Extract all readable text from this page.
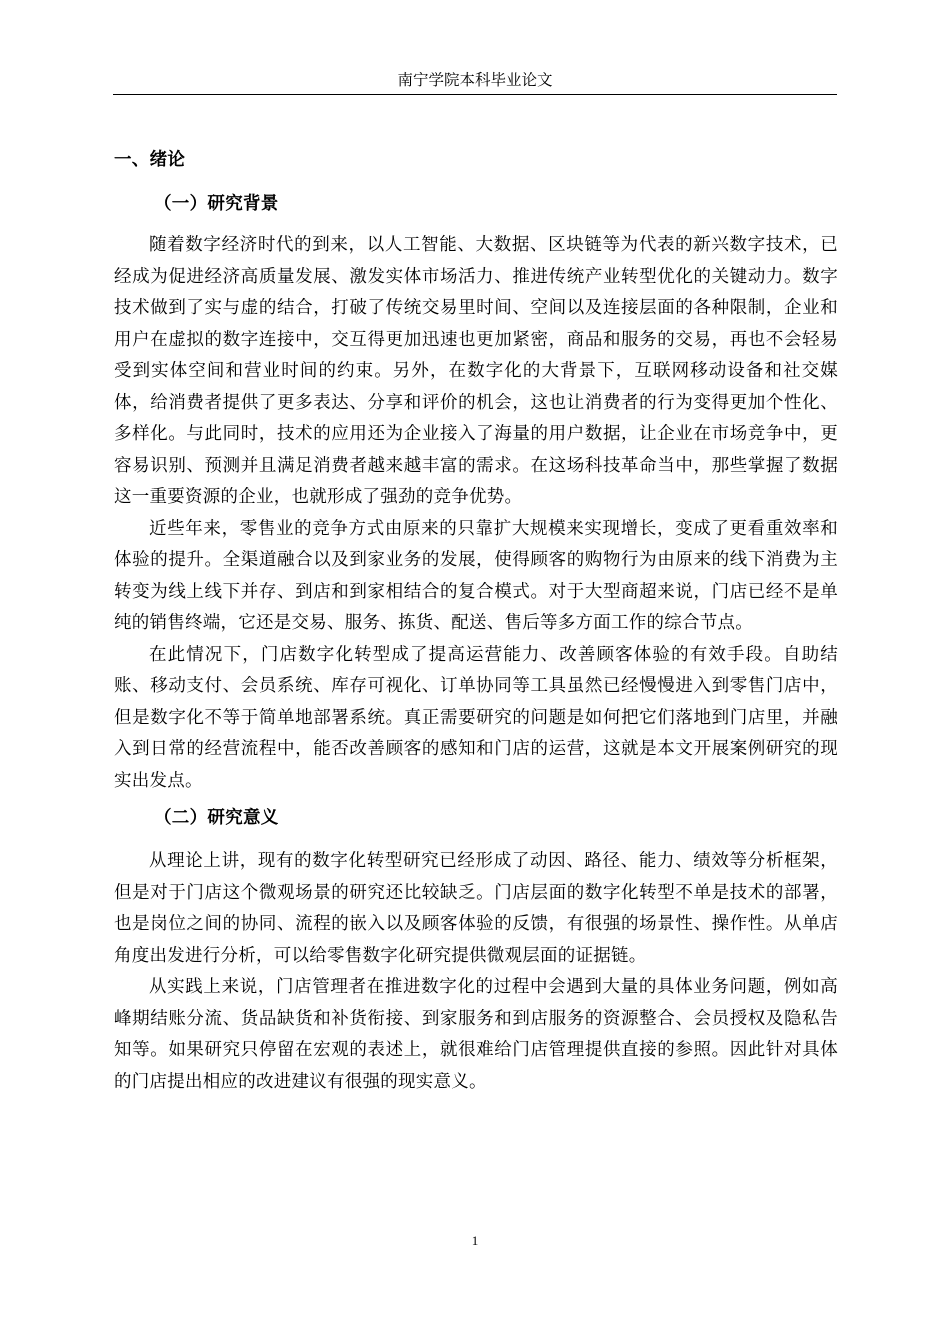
南宁学院本科毕业论文
一、绪论
（一）研究背景

随着数字经济时代的到来，以人工智能、大数据、区块链等为代表的新兴数字技术，已经成为促进经济高质量发展、激发实体市场活力、推进传统产业转型优化的关键动力。数字技术做到了实与虚的结合，打破了传统交易里时间、空间以及连接层面的各种限制，企业和用户在虚拟的数字连接中，交互得更加迅速也更加紧密，商品和服务的交易，再也不会轻易受到实体空间和营业时间的约束。另外，在数字化的大背景下，互联网移动设备和社交媒体，给消费者提供了更多表达、分享和评价的机会，这也让消费者的行为变得更加个性化、多样化。与此同时，技术的应用还为企业接入了海量的用户数据，让企业在市场竞争中，更容易识别、预测并且满足消费者越来越丰富的需求。在这场科技革命当中，那些掌握了数据这一重要资源的企业，也就形成了强劲的竞争优势。

近些年来，零售业的竞争方式由原来的只靠扩大规模来实现增长，变成了更看重效率和体验的提升。全渠道融合以及到家业务的发展，使得顾客的购物行为由原来的线下消费为主转变为线上线下并存、到店和到家相结合的复合模式。对于大型商超来说，门店已经不是单纯的销售终端，它还是交易、服务、拣货、配送、售后等多方面工作的综合节点。

在此情况下，门店数字化转型成了提高运营能力、改善顾客体验的有效手段。自助结账、移动支付、会员系统、库存可视化、订单协同等工具虽然已经慢慢进入到零售门店中，但是数字化不等于简单地部署系统。真正需要研究的问题是如何把它们落地到门店里，并融入到日常的经营流程中，能否改善顾客的感知和门店的运营，这就是本文开展案例研究的现实出发点。

（二）研究意义

从理论上讲，现有的数字化转型研究已经形成了动因、路径、能力、绩效等分析框架，但是对于门店这个微观场景的研究还比较缺乏。门店层面的数字化转型不单是技术的部署，也是岗位之间的协同、流程的嵌入以及顾客体验的反馈，有很强的场景性、操作性。从单店角度出发进行分析，可以给零售数字化研究提供微观层面的证据链。

从实践上来说，门店管理者在推进数字化的过程中会遇到大量的具体业务问题，例如高峰期结账分流、货品缺货和补货衔接、到家服务和到店服务的资源整合、会员授权及隐私告知等。如果研究只停留在宏观的表述上，就很难给门店管理提供直接的参照。因此针对具体的门店提出相应的改进建议有很强的现实意义。

1
